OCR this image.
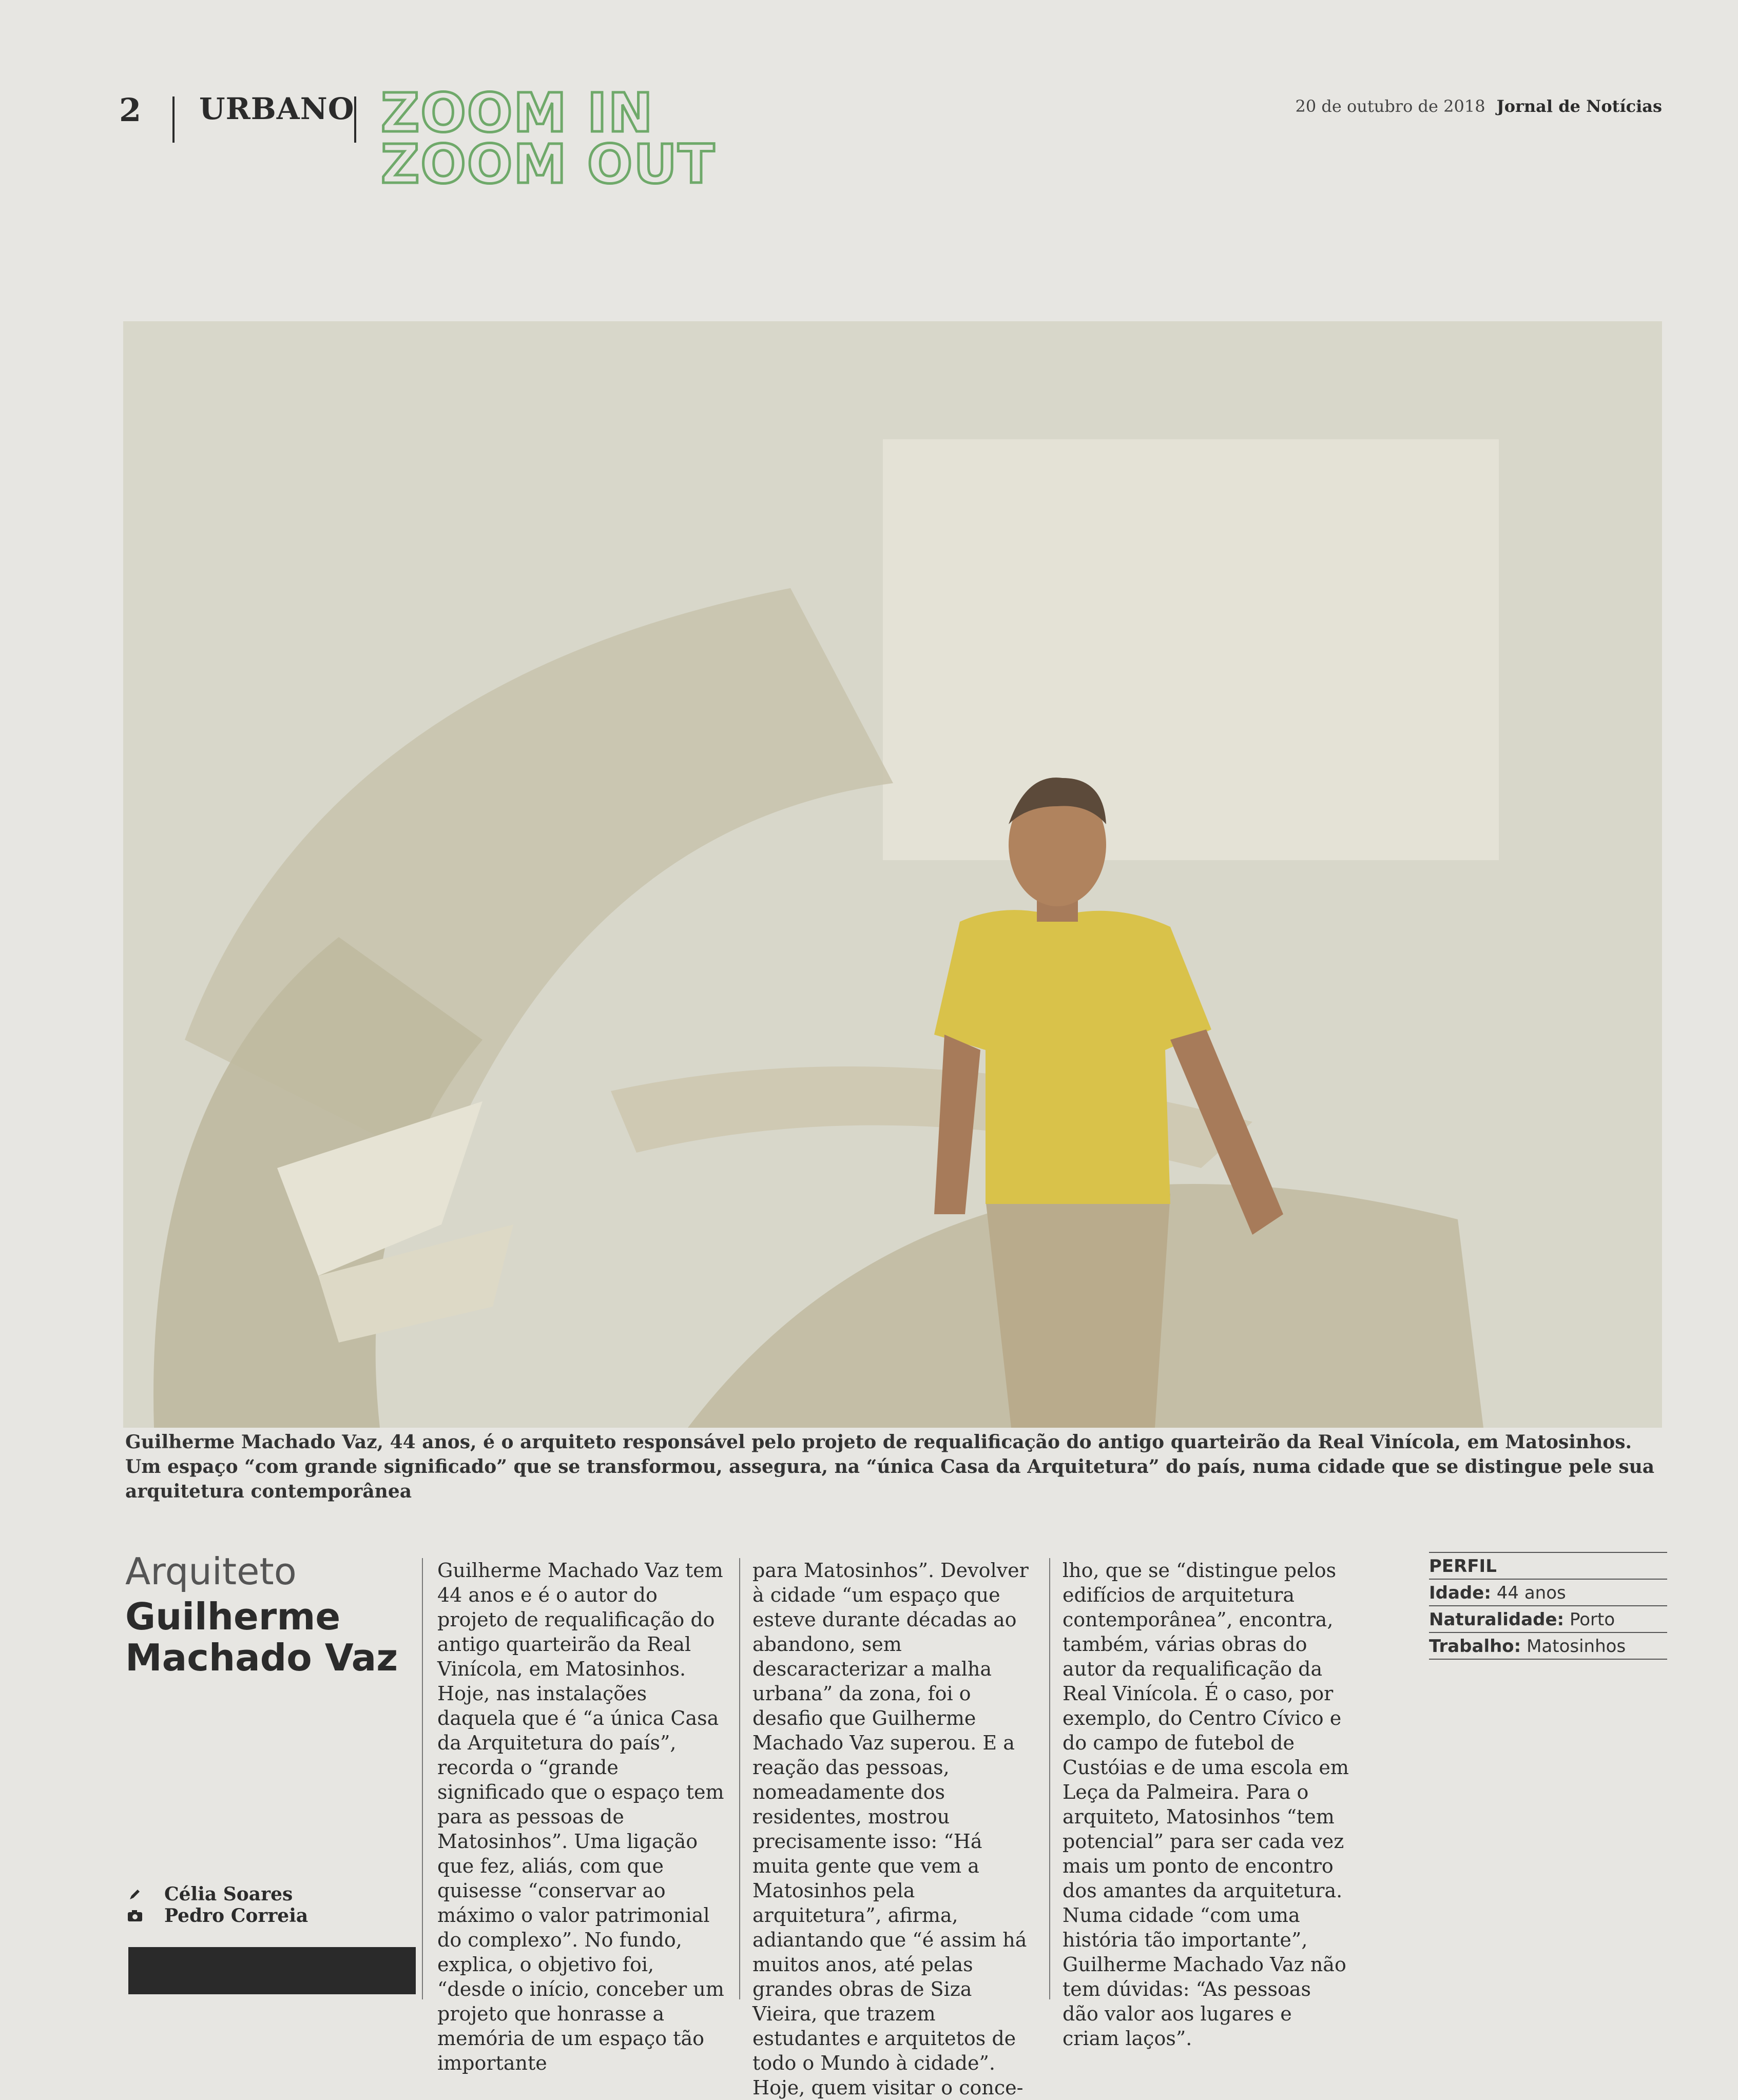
2 URBANO ZOOM IN
ZOOM OUT
20 de outubro de 2018 Jornal de Notícias
Guilherme Machado Vaz, 44 anos, é o arquiteto responsável pelo projeto de requalificação do antigo quarteirão da Real Vinícola, em Matosinhos. Um espaço “com grande significado” que se transformou, assegura, na “única Casa da Arquitetura” do país, numa cidade que se distingue pele sua arquitetura contemporânea
Arquiteto
Guilherme Machado Vaz
Célia Soares
Pedro Correia

Guilherme Machado Vaz tem 44 anos e é o autor do projeto de requalificação do antigo quarteirão da Real Vinícola, em Matosinhos. Hoje, nas instalações daquela que é “a única Casa da Arquitetura do país”, recorda o “grande significado que o espaço tem para as pessoas de Matosinhos”. Uma ligação que fez, aliás, com que quisesse “conservar ao máximo o valor patrimonial do complexo”. No fundo, explica, o objetivo foi, “desde o início, conceber um projeto que honrasse a memória de um espaço tão importante

para Matosinhos”. Devolver à cidade “um espaço que esteve durante décadas ao abandono, sem descaracterizar a malha urbana” da zona, foi o desafio que Guilherme Machado Vaz superou. E a reação das pessoas, nomeadamente dos residentes, mostrou precisamente isso: “Há muita gente que vem a Matosinhos pela arquitetura”, afirma, adiantando que “é assim há muitos anos, até pelas grandes obras de Siza Vieira, que trazem estudantes e arquitetos de todo o Mundo à cidade”. Hoje, quem visitar o conce-

lho, que se “distingue pelos edifícios de arquitetura contemporânea”, encontra, também, várias obras do autor da requalificação da Real Vinícola. É o caso, por exemplo, do Centro Cívico e do campo de futebol de Custóias e de uma escola em Leça da Palmeira. Para o arquiteto, Matosinhos “tem potencial” para ser cada vez mais um ponto de encontro dos amantes da arquitetura. Numa cidade “com uma história tão importante”, Guilherme Machado Vaz não tem dúvidas: “As pessoas dão valor aos lugares e criam laços”.

PERFIL
Idade: 44 anos
Naturalidade: Porto
Trabalho: Matosinhos
